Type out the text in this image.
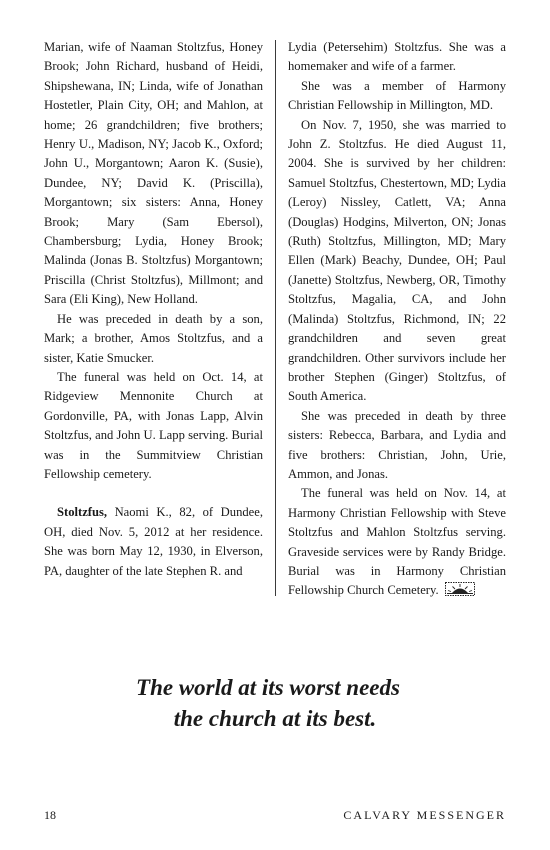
Marian, wife of Naaman Stoltzfus, Honey Brook; John Richard, husband of Heidi, Shipshewana, IN; Linda, wife of Jonathan Hostetler, Plain City, OH; and Mahlon, at home; 26 grandchildren; five brothers; Henry U., Madison, NY; Jacob K., Oxford; John U., Morgantown; Aaron K. (Susie), Dundee, NY; David K. (Priscilla), Morgantown; six sisters: Anna, Honey Brook; Mary (Sam Ebersol), Chambersburg; Lydia, Honey Brook; Malinda (Jonas B. Stoltzfus) Morgantown; Priscilla (Christ Stoltzfus), Millmont; and Sara (Eli King), New Holland.

He was preceded in death by a son, Mark; a brother, Amos Stoltzfus, and a sister, Katie Smucker.

The funeral was held on Oct. 14, at Ridgeview Mennonite Church at Gordonville, PA, with Jonas Lapp, Alvin Stoltzfus, and John U. Lapp serving. Burial was in the Summitview Christian Fellowship cemetery.

Stoltzfus, Naomi K., 82, of Dundee, OH, died Nov. 5, 2012 at her residence. She was born May 12, 1930, in Elverson, PA, daughter of the late Stephen R. and

Lydia (Petersehim) Stoltzfus. She was a homemaker and wife of a farmer.

She was a member of Harmony Christian Fellowship in Millington, MD.

On Nov. 7, 1950, she was married to John Z. Stoltzfus. He died August 11, 2004. She is survived by her children: Samuel Stoltzfus, Chestertown, MD; Lydia (Leroy) Nissley, Catlett, VA; Anna (Douglas) Hodgins, Milverton, ON; Jonas (Ruth) Stoltzfus, Millington, MD; Mary Ellen (Mark) Beachy, Dundee, OH; Paul (Janette) Stoltzfus, Newberg, OR, Timothy Stoltzfus, Magalia, CA, and John (Malinda) Stoltzfus, Richmond, IN; 22 grandchildren and seven great grandchildren. Other survivors include her brother Stephen (Ginger) Stoltzfus, of South America.

She was preceded in death by three sisters: Rebecca, Barbara, and Lydia and five brothers: Christian, John, Urie, Ammon, and Jonas.

The funeral was held on Nov. 14, at Harmony Christian Fellowship with Steve Stoltzfus and Mahlon Stoltzfus serving. Graveside services were by Randy Bridge. Burial was in Harmony Christian Fellowship Church Cemetery.

The world at its worst needs
the church at its best.
18	CALVARY MESSENGER
